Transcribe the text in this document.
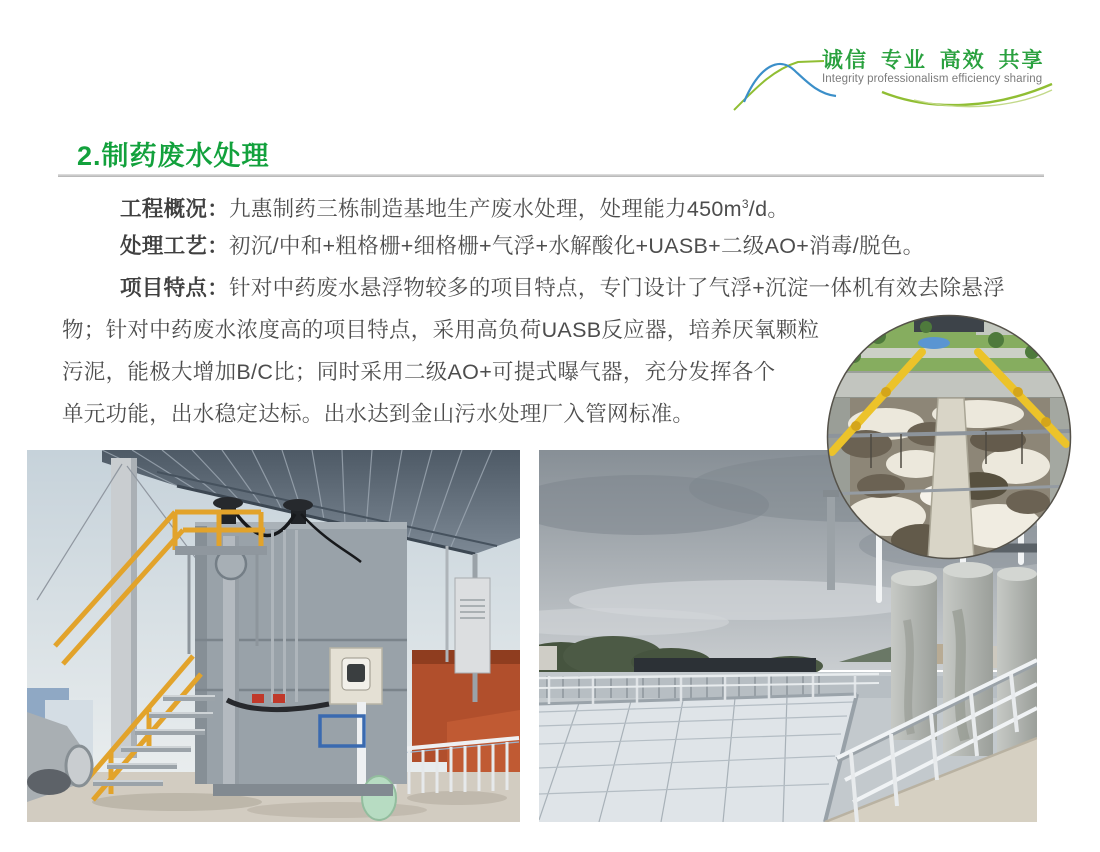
诚信 专业 高效 共享
Integrity professionalism efficiency sharing
2.制药废水处理
工程概况：九惠制药三栋制造基地生产废水处理，处理能力$450m^3/d$。
处理工艺：初沉/中和+粗格栅+细格栅+气浮+水解酸化+UASB+二级AO+消毒/脱色。
项目特点：针对中药废水悬浮物较多的项目特点，专门设计了气浮+沉淀一体机有效去除悬浮
物；针对中药废水浓度高的项目特点，采用高负荷UASB反应器，培养厌氧颗粒
污泥，能极大增加B/C比；同时采用二级AO+可提式曝气器，充分发挥各个
单元功能，出水稳定达标。出水达到金山污水处理厂入管网标准。
